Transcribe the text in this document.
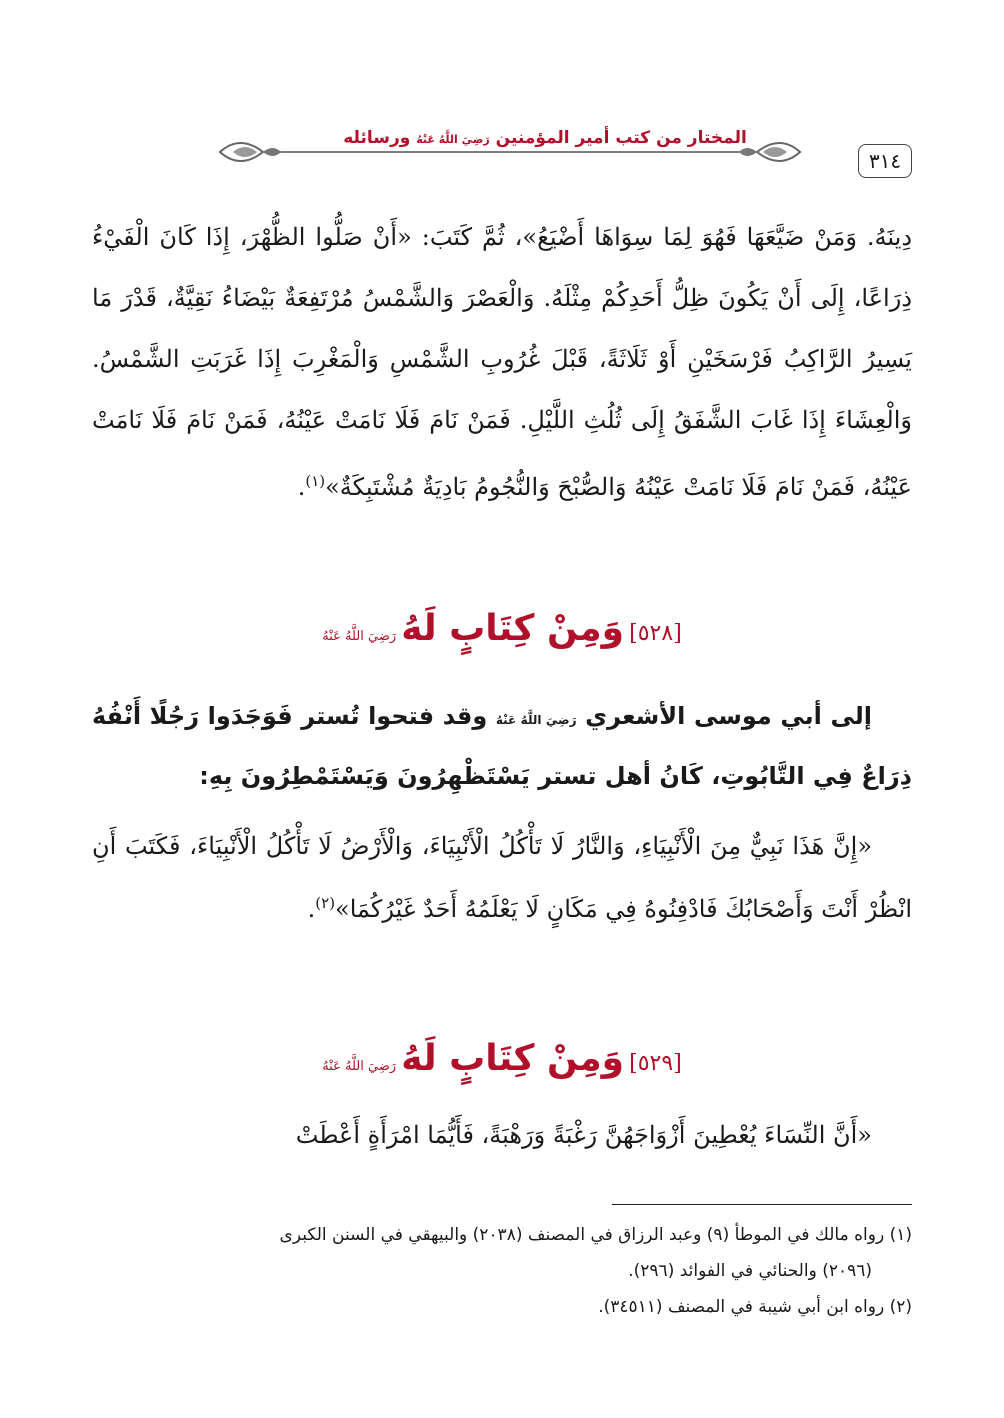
المختار من كتب أمير المؤمنين رَضِيَ اللَّهُ عَنْهُ ورسائله
٣١٤
دِينَهُ. وَمَنْ ضَيَّعَهَا فَهُوَ لِمَا سِوَاهَا أَضْيَعُ»، ثُمَّ كَتَبَ: «أَنْ صَلُّوا الظُّهْرَ، إِذَا كَانَ الْفَيْءُ ذِرَاعًا، إِلَى أَنْ يَكُونَ ظِلُّ أَحَدِكُمْ مِثْلَهُ. وَالْعَصْرَ وَالشَّمْسُ مُرْتَفِعَةٌ بَيْضَاءُ نَقِيَّةٌ، قَدْرَ مَا يَسِيرُ الرَّاكِبُ فَرْسَخَيْنِ أَوْ ثَلَاثَةً، قَبْلَ غُرُوبِ الشَّمْسِ وَالْمَغْرِبَ إِذَا غَرَبَتِ الشَّمْسُ. وَالْعِشَاءَ إِذَا غَابَ الشَّفَقُ إِلَى ثُلُثِ اللَّيْلِ. فَمَنْ نَامَ فَلَا نَامَتْ عَيْنُهُ، فَمَنْ نَامَ فَلَا نَامَتْ عَيْنُهُ، فَمَنْ نَامَ فَلَا نَامَتْ عَيْنُهُ وَالصُّبْحَ وَالنُّجُومُ بَادِيَةٌ مُشْتَبِكَةٌ»$^{(١)}$.
[٥٢٨] وَمِنْ كِتَابٍ لَهُ رَضِيَ اللَّهُ عَنْهُ
إلى أبي موسى الأشعري رَضِيَ اللَّهُ عَنْهُ وقد فتحوا تُستر فَوَجَدَوا رَجُلًا أَنْفُهُ ذِرَاعٌ فِي التَّابُوتِ، كَانُ أهل تستر يَسْتَظْهِرُونَ وَيَسْتَمْطِرُونَ بِهِ:
«إِنَّ هَذَا نَبِيٌّ مِنَ الْأَنْبِيَاءِ، وَالنَّارُ لَا تَأْكُلُ الْأَنْبِيَاءَ، وَالْأَرْضُ لَا تَأْكُلُ الْأَنْبِيَاءَ، فَكَتَبَ أَنِ انْظُرْ أَنْتَ وَأَصْحَابُكَ فَادْفِنُوهُ فِي مَكَانٍ لَا يَعْلَمُهُ أَحَدٌ غَيْرُكُمَا»$^{(٢)}$.
[٥٢٩] وَمِنْ كِتَابٍ لَهُ رَضِيَ اللَّهُ عَنْهُ
«أَنَّ النِّسَاءَ يُعْطِينَ أَزْوَاجَهُنَّ رَغْبَةً وَرَهْبَةً، فَأَيُّمَا امْرَأَةٍ أَعْطَتْ

(١) رواه مالك في الموطأ (٩) وعبد الرزاق في المصنف (٢٠٣٨) والبيهقي في السنن الكبرى

(٢٠٩٦) والحنائي في الفوائد (٢٩٦).

(٢) رواه ابن أبي شيبة في المصنف (٣٤٥١١).
